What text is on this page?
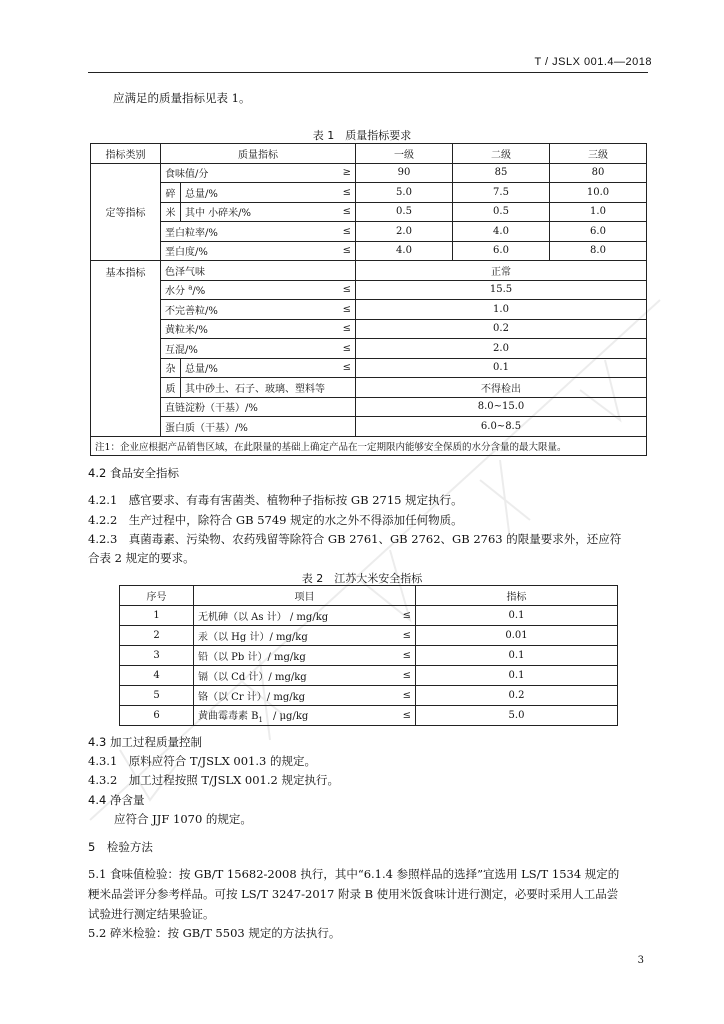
T / JSLX 001.4—2018
应满足的质量指标见表 1。
表 1　质量指标要求
指标类别	质量指标		一级	二级	三级
定等指标	食味值/分 ≥		90	85	80
	碎	总量/% ≤	5.0	7.5	10.0
	米	其中 小碎米/% ≤	0.5	0.5	1.0

	垩白粒率/% ≤		2.0	4.0	6.0

	垩白度/% ≤		4.0	6.0	8.0
基本指标	色泽气味		正常		

	水分 $^a$/% ≤		15.5		

	不完善粒/% ≤		1.0		

	黄粒米/% ≤		0.2		

	互混/% ≤		2.0		
	杂	总量/% ≤	0.1		
	质	其中砂土、石子、玻璃、塑料等	不得检出		
	直链淀粉（干基）/%		8.0~15.0		
	蛋白质（干基）/%		6.0~8.5		
注1：企业应根据产品销售区域，在此限量的基础上确定产品在一定期限内能够安全保质的水分含量的最大限量。					
4.2 食品安全指标
4.2.1　感官要求、有毒有害菌类、植物种子指标按 GB 2715 规定执行。
4.2.2　生产过程中，除符合 GB 5749 规定的水之外不得添加任何物质。
4.2.3　真菌毒素、污染物、农药残留等除符合 GB 2761、GB 2762、GB 2763 的限量要求外，还应符
合表 2 规定的要求。
表 2　江苏大米安全指标
序号	项目	指标
1	无机砷（以 As 计） / mg/kg ≤	0.1
2	汞（以 Hg 计）/ mg/kg ≤	0.01
3	铅（以 Pb 计）/ mg/kg ≤	0.1
4	镉（以 Cd 计）/ mg/kg ≤	0.1
5	铬（以 Cr 计）/ mg/kg ≤	0.2
6	黄曲霉毒素 $B_1$　/ μg/kg ≤	5.0
4.3 加工过程质量控制
4.3.1　原料应符合 T/JSLX 001.3 的规定。
4.3.2　加工过程按照 T/JSLX 001.2 规定执行。
4.4 净含量
应符合 JJF 1070 的规定。
5　检验方法
5.1 食味值检验：按 GB/T 15682-2008 执行，其中“6.1.4 参照样品的选择”宜选用 LS/T 1534 规定的
粳米品尝评分参考样品。可按 LS/T 3247-2017 附录 B 使用米饭食味计进行测定，必要时采用人工品尝
试验进行测定结果验证。
5.2 碎米检验：按 GB/T 5503 规定的方法执行。
3
